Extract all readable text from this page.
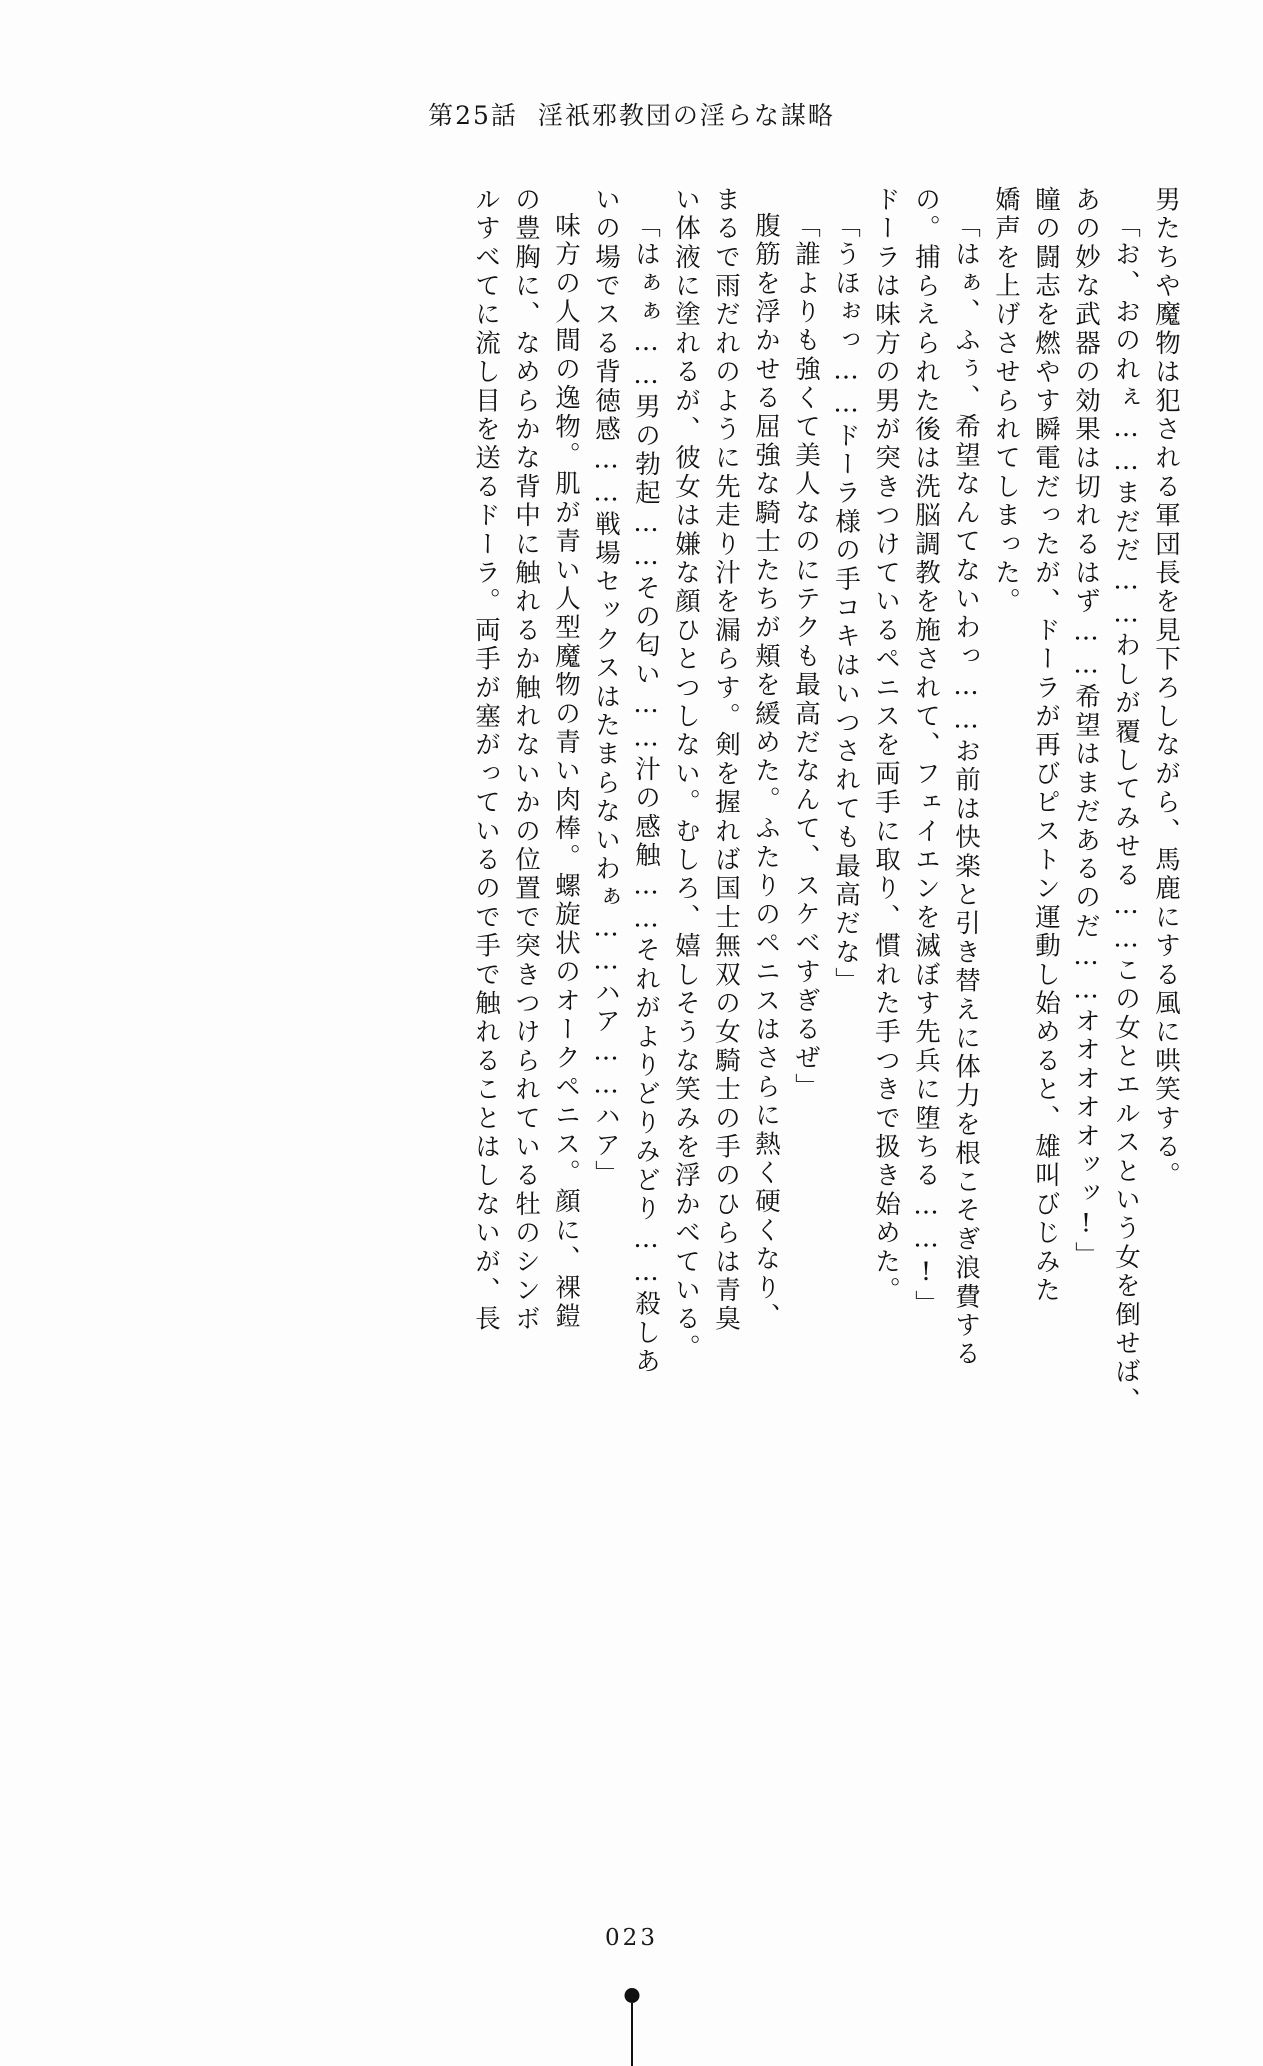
第25話 淫祇邪教団の淫らな謀略
男たちや魔物は犯される軍団長を見下ろしながら、馬鹿にする風に哄笑する。
「お、おのれぇ……まだだ……わしが覆してみせる……この女とエルスという女を倒せば、
あの妙な武器の効果は切れるはず……希望はまだあるのだ……オオオオオッッ!」
瞳の闘志を燃やす瞬電だったが、ドーラが再びピストン運動し始めると、雄叫びじみた
嬌声を上げさせられてしまった。
「はぁ、ふぅ、希望なんてないわっ……お前は快楽と引き替えに体力を根こそぎ浪費する
の。捕らえられた後は洗脳調教を施されて、フェイエンを滅ぼす先兵に堕ちる……!」
ドーラは味方の男が突きつけているペニスを両手に取り、慣れた手つきで扱き始めた。
「うほぉっ……ドーラ様の手コキはいつされても最高だな」
「誰よりも強くて美人なのにテクも最高だなんて、スケベすぎるぜ」
腹筋を浮かせる屈強な騎士たちが頬を緩めた。ふたりのペニスはさらに熱く硬くなり、
まるで雨だれのように先走り汁を漏らす。剣を握れば国士無双の女騎士の手のひらは青臭
い体液に塗れるが、彼女は嫌な顔ひとつしない。むしろ、嬉しそうな笑みを浮かべている。
「はぁぁ……男の勃起……その匂い……汁の感触……それがよりどりみどり……殺しあ
いの場でスる背徳感……戦場セックスはたまらないわぁ……ハア……ハア」
味方の人間の逸物。肌が青い人型魔物の青い肉棒。螺旋状のオークペニス。顔に、裸鎧
の豊胸に、なめらかな背中に触れるか触れないかの位置で突きつけられている牡のシンボ
ルすべてに流し目を送るドーラ。両手が塞がっているので手で触れることはしないが、長
023
